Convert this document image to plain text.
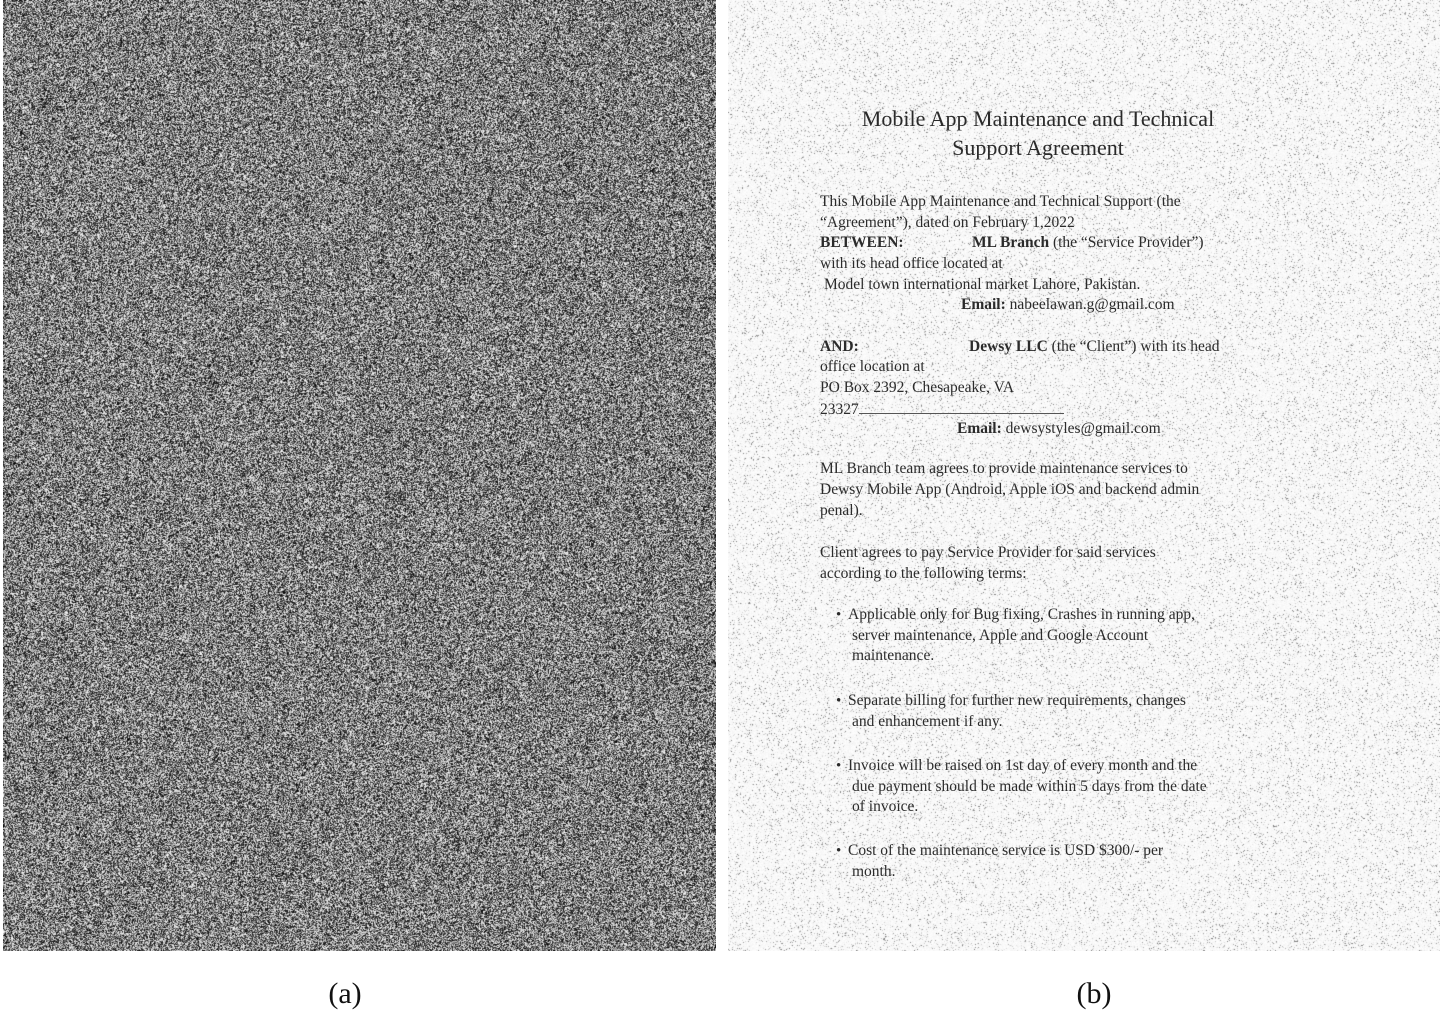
Mobile App Maintenance and Technical
Support Agreement
This Mobile App Maintenance and Technical Support (the
“Agreement”), dated on February 1,2022
BETWEEN:	ML Branch (the “Service Provider”)
with its head office located at
Model town international market Lahore, Pakistan.
Email: nabeelawan.g@gmail.com
AND:	Dewsy LLC (the “Client”) with its head
office location at
PO Box 2392, Chesapeake, VA
23327
Email: dewsystyles@gmail.com
ML Branch team agrees to provide maintenance services to
Dewsy Mobile App (Android, Apple iOS and backend admin
penal).
Client agrees to pay Service Provider for said services
according to the following terms:
• Applicable only for Bug fixing, Crashes in running app,
server maintenance, Apple and Google Account
maintenance.
• Separate billing for further new requirements, changes
and enhancement if any.
• Invoice will be raised on 1st day of every month and the
due payment should be made within 5 days from the date
of invoice.
• Cost of the maintenance service is USD $300/- per
month.
(a)	(b)
